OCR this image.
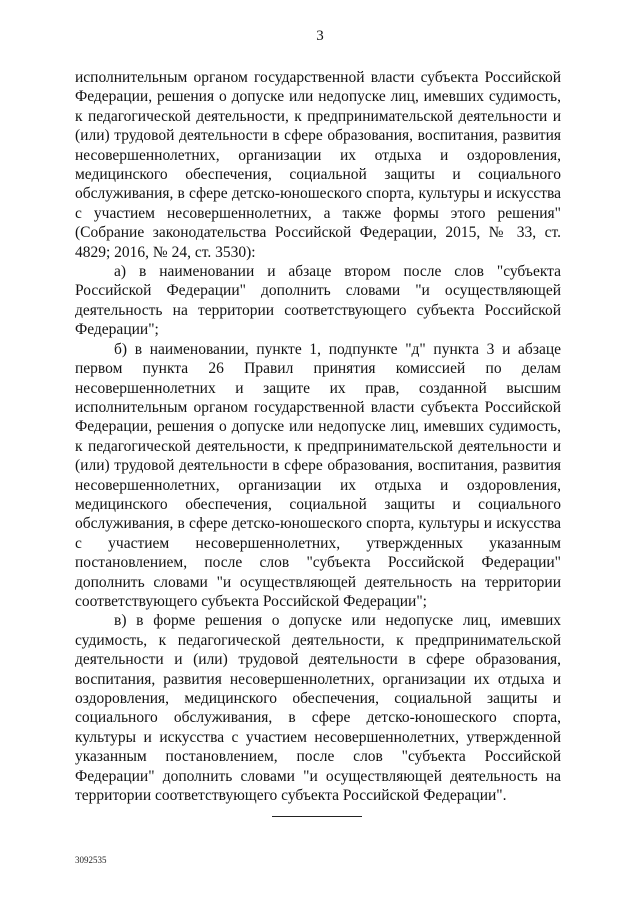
3

исполнительным органом государственной власти субъекта Российской Федерации, решения о допуске или недопуске лиц, имевших судимость, к педагогической деятельности, к предпринимательской деятельности и (или) трудовой деятельности в сфере образования, воспитания, развития несовершеннолетних, организации их отдыха и оздоровления, медицинского обеспечения, социальной защиты и социального обслуживания, в сфере детско-юношеского спорта, культуры и искусства с участием несовершеннолетних, а также формы этого решения" (Собрание законодательства Российской Федерации, 2015, № 33, ст. 4829; 2016, № 24, ст. 3530):

а) в наименовании и абзаце втором после слов "субъекта Российской Федерации" дополнить словами "и осуществляющей деятельность на территории соответствующего субъекта Российской Федерации";

б) в наименовании, пункте 1, подпункте "д" пункта 3 и абзаце первом пункта 26 Правил принятия комиссией по делам несовершеннолетних и защите их прав, созданной высшим исполнительным органом государственной власти субъекта Российской Федерации, решения о допуске или недопуске лиц, имевших судимость, к педагогической деятельности, к предпринимательской деятельности и (или) трудовой деятельности в сфере образования, воспитания, развития несовершеннолетних, организации их отдыха и оздоровления, медицинского обеспечения, социальной защиты и социального обслуживания, в сфере детско-юношеского спорта, культуры и искусства с участием несовершеннолетних, утвержденных указанным постановлением, после слов "субъекта Российской Федерации" дополнить словами "и осуществляющей деятельность на территории соответствующего субъекта Российской Федерации";

в) в форме решения о допуске или недопуске лиц, имевших судимость, к педагогической деятельности, к предпринимательской деятельности и (или) трудовой деятельности в сфере образования, воспитания, развития несовершеннолетних, организации их отдыха и оздоровления, медицинского обеспечения, социальной защиты и социального обслуживания, в сфере детско-юношеского спорта, культуры и искусства с участием несовершеннолетних, утвержденной указанным постановлением, после слов "субъекта Российской Федерации" дополнить словами "и осуществляющей деятельность на территории соответствующего субъекта Российской Федерации".

3092535
